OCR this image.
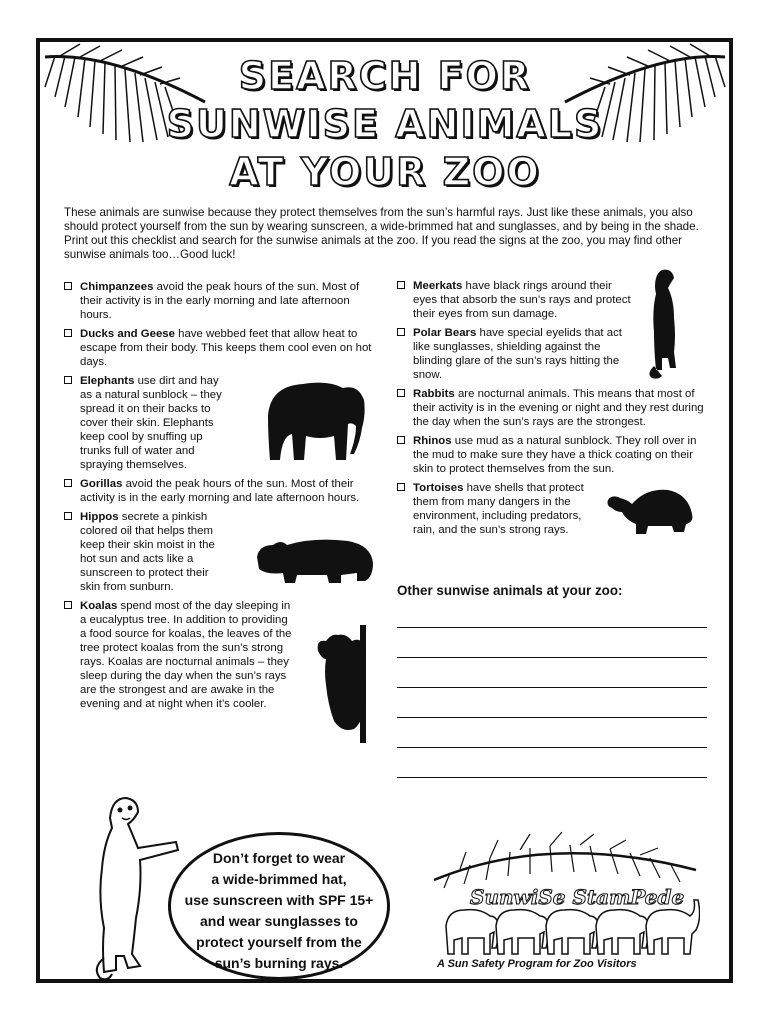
SEARCH FOR
SUNWISE ANIMALS
AT YOUR ZOO
These animals are sunwise because they protect themselves from the sun’s harmful rays. Just like these animals, you also should protect yourself from the sun by wearing sunscreen, a wide-brimmed hat and sunglasses, and by being in the shade. Print out this checklist and search for the sunwise animals at the zoo. If you read the signs at the zoo, you may find other sunwise animals too…Good luck!
Chimpanzees avoid the peak hours of the sun. Most of their activity is in the early morning and late afternoon hours.
Ducks and Geese have webbed feet that allow heat to escape from their body. This keeps them cool even on hot days.
Elephants use dirt and hay as a natural sunblock – they spread it on their backs to cover their skin. Elephants keep cool by snuffing up trunks full of water and spraying themselves.
Gorillas avoid the peak hours of the sun. Most of their activity is in the early morning and late afternoon hours.
Hippos secrete a pinkish colored oil that helps them keep their skin moist in the hot sun and acts like a sunscreen to protect their skin from sunburn.
Koalas spend most of the day sleeping in a eucalyptus tree. In addition to providing a food source for koalas, the leaves of the tree protect koalas from the sun’s strong rays. Koalas are nocturnal animals – they sleep during the day when the sun’s rays are the strongest and are awake in the evening and at night when it’s cooler.
Meerkats have black rings around their eyes that absorb the sun’s rays and protect their eyes from sun damage.
Polar Bears have special eyelids that act like sunglasses, shielding against the blinding glare of the sun’s rays hitting the snow.
Rabbits are nocturnal animals. This means that most of their activity is in the evening or night and they rest during the day when the sun’s rays are the strongest.
Rhinos use mud as a natural sunblock. They roll over in the mud to make sure they have a thick coating on their skin to protect themselves from the sun.
Tortoises have shells that protect them from many dangers in the environment, including predators, rain, and the sun’s strong rays.
Other sunwise animals at your zoo:
Don’t forget to wear
a wide-brimmed hat,
use sunscreen with SPF 15+
and wear sunglasses to
protect yourself from the
sun’s burning rays.
SunwiSe StamPede
A Sun Safety Program for Zoo Visitors
